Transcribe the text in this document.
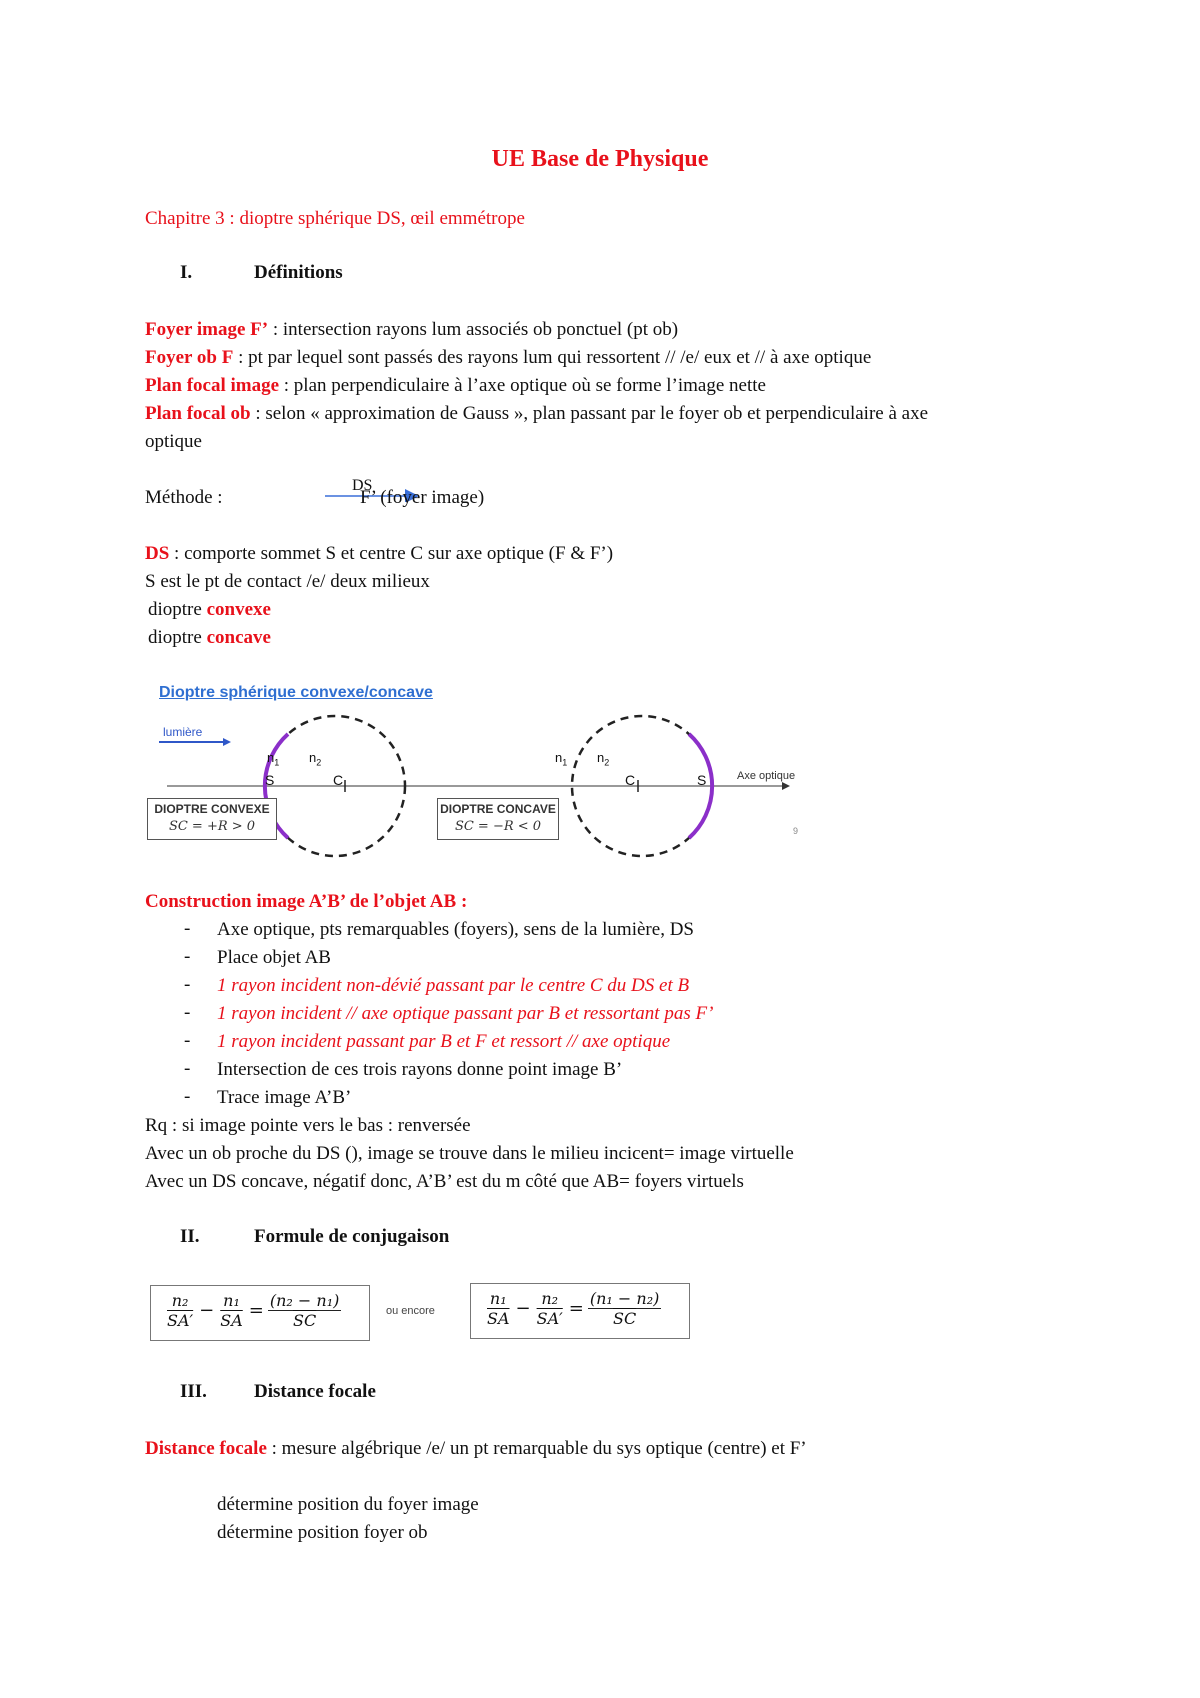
UE Base de Physique
Chapitre 3 : dioptre sphérique DS, œil emmétrope
I.	Définitions
Foyer image F’ : intersection rayons lum associés ob ponctuel (pt ob)
Foyer ob F : pt par lequel sont passés des rayons lum qui ressortent // /e/ eux et // à axe optique
Plan focal image : plan perpendiculaire à l’axe optique où se forme l’image nette
Plan focal ob : selon « approximation de Gauss », plan passant par le foyer ob et perpendiculaire à axe
optique
Méthode :
DS
F’ (foyer image)
DS : comporte sommet S et centre C sur axe optique (F & F’)
S est le pt de contact /e/ deux milieux
dioptre convexe
dioptre concave
Dioptre sphérique convexe/concave
lumière
$n_1$ $n_2$
S	C
$n_1$ $n_2$
C	S	Axe optique
DIOPTRE CONVEXE
SC = +R > 0
DIOPTRE CONCAVE
SC = −R < 0	9
Construction image A’B’ de l’objet AB :
- Axe optique, pts remarquables (foyers), sens de la lumière, DS
- Place objet AB
- 1 rayon incident non-dévié passant par le centre C du DS et B
- 1 rayon incident // axe optique passant par B et ressortant pas F’
- 1 rayon incident passant par B et F et ressort // axe optique
- Intersection de ces trois rayons donne point image B’
- Trace image A’B’
Rq : si image pointe vers le bas : renversée
Avec un ob proche du DS (), image se trouve dans le milieu incicent= image virtuelle
Avec un DS concave, négatif donc, A’B’ est du m côté que AB= foyers virtuels
II.	Formule de conjugaison
$\frac{\text{n₂}}{SA'} - \frac{\text{n₁}}{SA} = \frac{\text{(n₂ − n₁)}}{SC}$	ou encore	$\frac{\text{n₁}}{SA} - \frac{\text{n₂}}{SA'} = \frac{\text{(n₁ − n₂)}}{SC}$
III. Distance focale
Distance focale : mesure algébrique /e/ un pt remarquable du sys optique (centre) et F’
détermine position du foyer image
détermine position foyer ob
